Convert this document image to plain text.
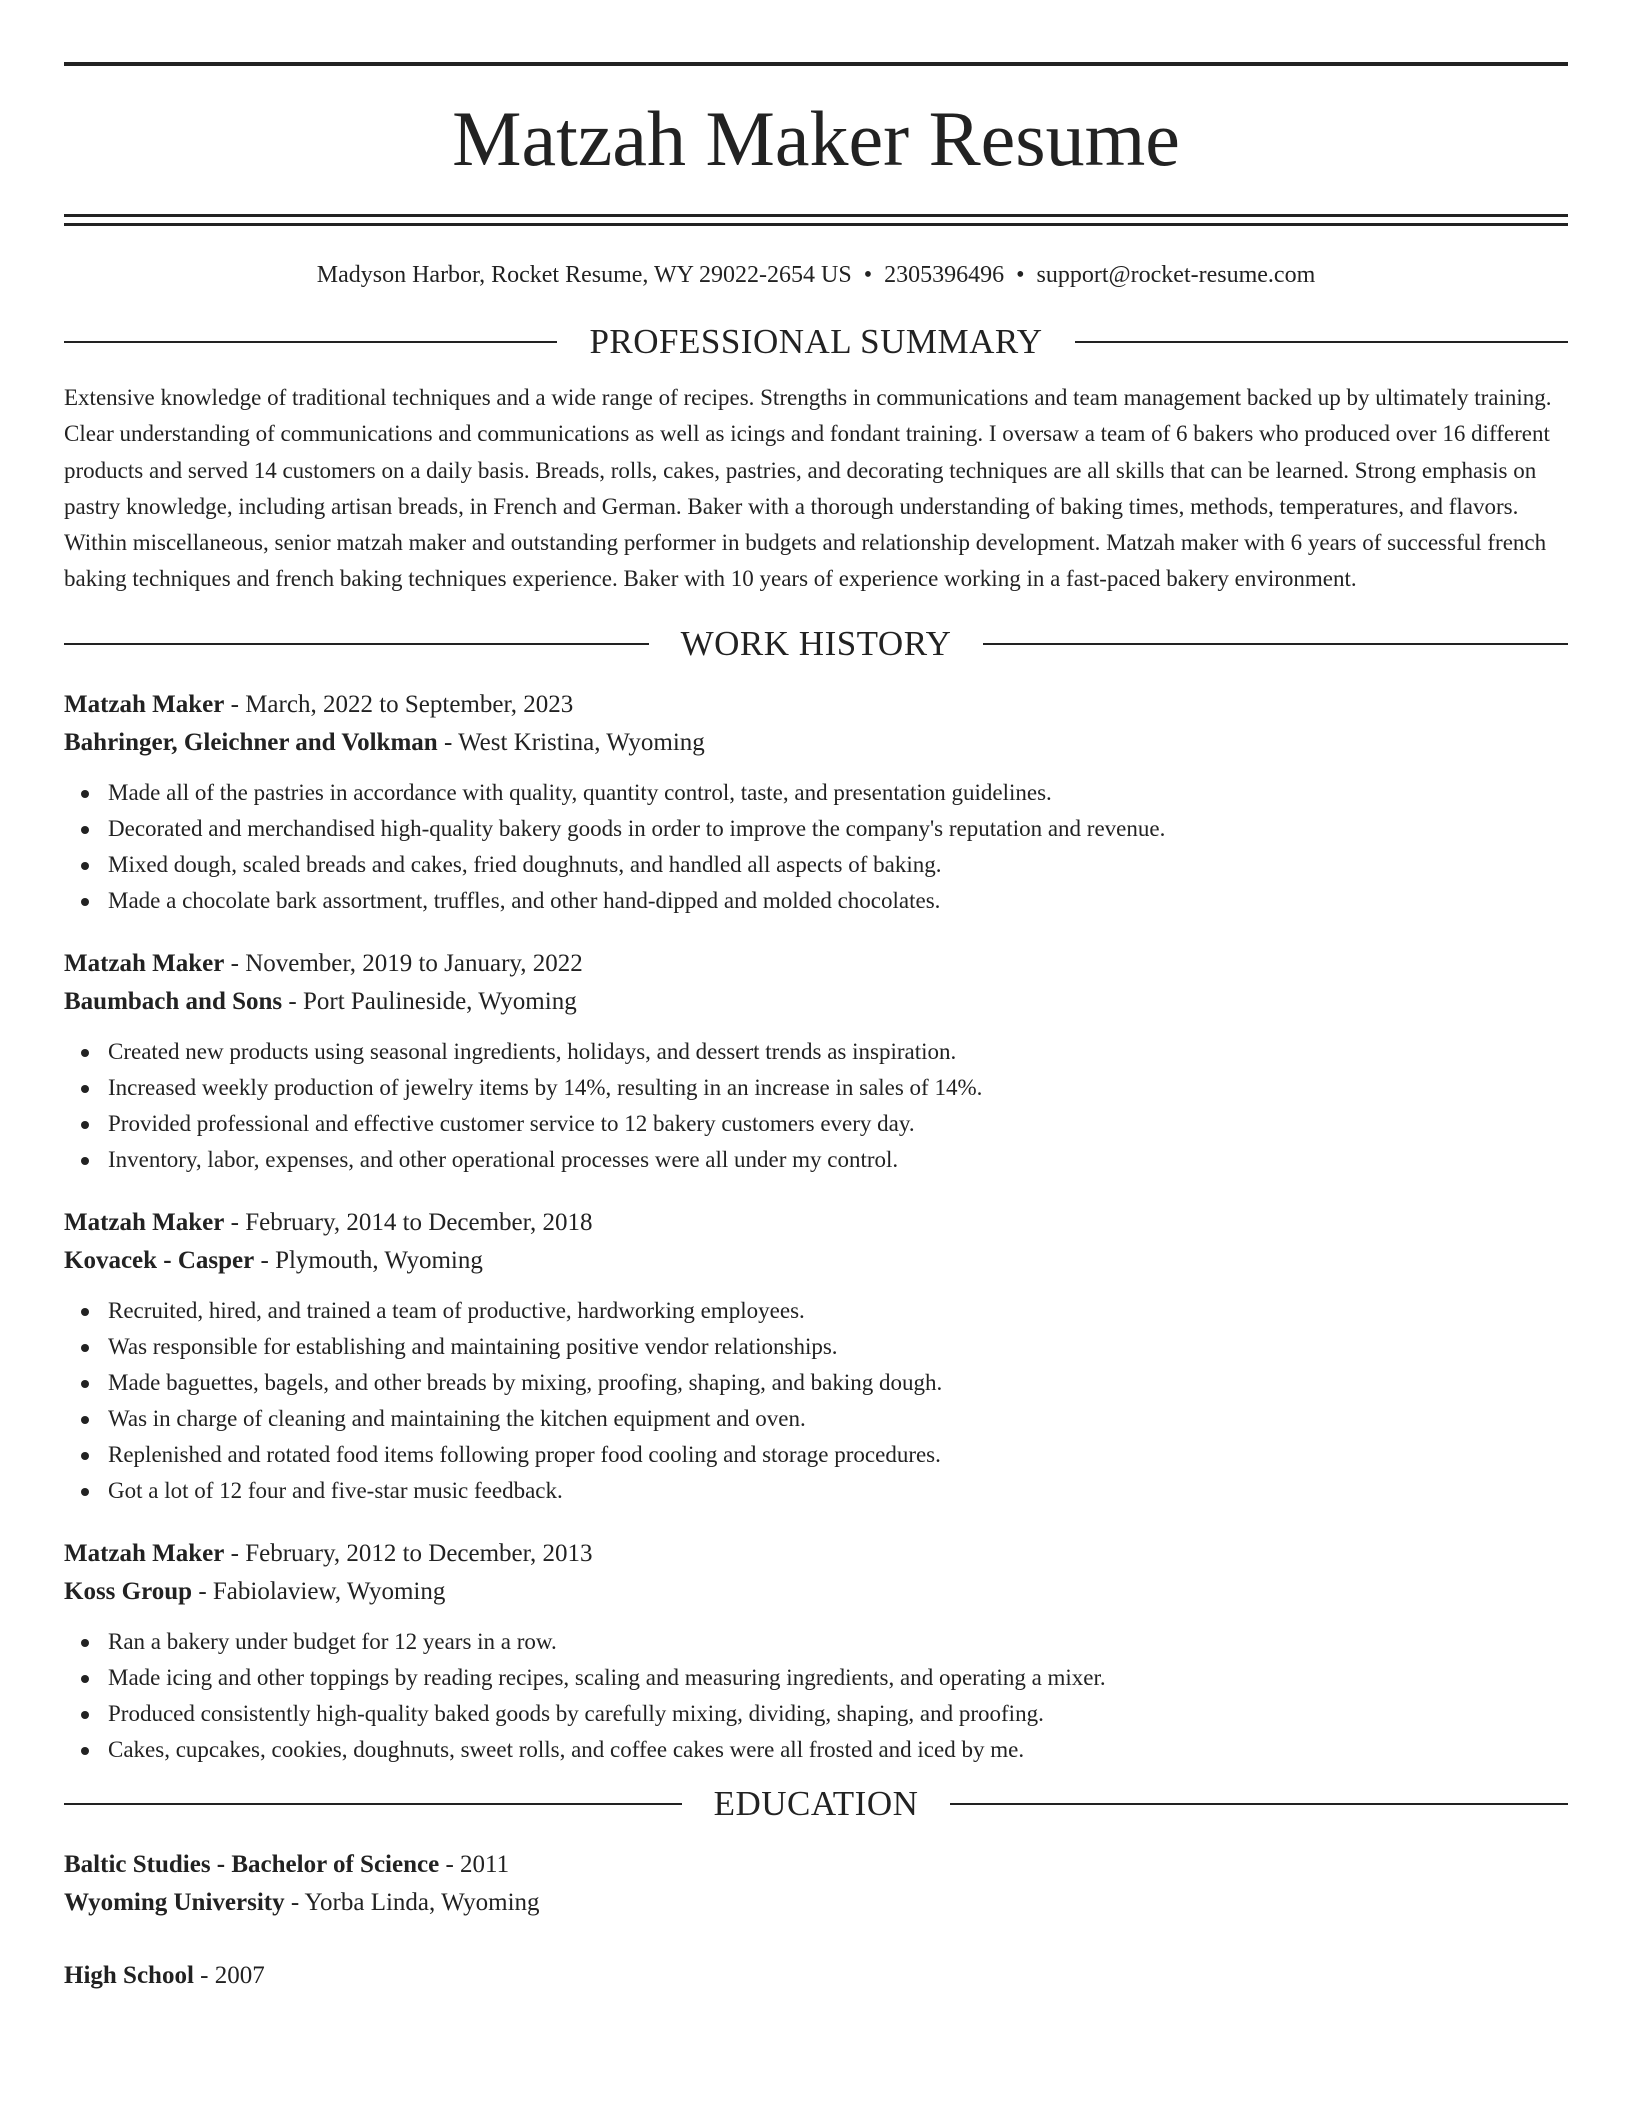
Matzah Maker Resume
Madyson Harbor, Rocket Resume, WY 29022-2654 US • 2305396496 • support@rocket-resume.com
PROFESSIONAL SUMMARY
Extensive knowledge of traditional techniques and a wide range of recipes. Strengths in communications and team management backed up by ultimately training. Clear understanding of communications and communications as well as icings and fondant training. I oversaw a team of 6 bakers who produced over 16 different products and served 14 customers on a daily basis. Breads, rolls, cakes, pastries, and decorating techniques are all skills that can be learned. Strong emphasis on pastry knowledge, including artisan breads, in French and German. Baker with a thorough understanding of baking times, methods, temperatures, and flavors. Within miscellaneous, senior matzah maker and outstanding performer in budgets and relationship development. Matzah maker with 6 years of successful french baking techniques and french baking techniques experience. Baker with 10 years of experience working in a fast-paced bakery environment.
WORK HISTORY
Matzah Maker - March, 2022 to September, 2023
Bahringer, Gleichner and Volkman - West Kristina, Wyoming
Made all of the pastries in accordance with quality, quantity control, taste, and presentation guidelines.
Decorated and merchandised high-quality bakery goods in order to improve the company's reputation and revenue.
Mixed dough, scaled breads and cakes, fried doughnuts, and handled all aspects of baking.
Made a chocolate bark assortment, truffles, and other hand-dipped and molded chocolates.
Matzah Maker - November, 2019 to January, 2022
Baumbach and Sons - Port Paulineside, Wyoming
Created new products using seasonal ingredients, holidays, and dessert trends as inspiration.
Increased weekly production of jewelry items by 14%, resulting in an increase in sales of 14%.
Provided professional and effective customer service to 12 bakery customers every day.
Inventory, labor, expenses, and other operational processes were all under my control.
Matzah Maker - February, 2014 to December, 2018
Kovacek - Casper - Plymouth, Wyoming
Recruited, hired, and trained a team of productive, hardworking employees.
Was responsible for establishing and maintaining positive vendor relationships.
Made baguettes, bagels, and other breads by mixing, proofing, shaping, and baking dough.
Was in charge of cleaning and maintaining the kitchen equipment and oven.
Replenished and rotated food items following proper food cooling and storage procedures.
Got a lot of 12 four and five-star music feedback.
Matzah Maker - February, 2012 to December, 2013
Koss Group - Fabiolaview, Wyoming
Ran a bakery under budget for 12 years in a row.
Made icing and other toppings by reading recipes, scaling and measuring ingredients, and operating a mixer.
Produced consistently high-quality baked goods by carefully mixing, dividing, shaping, and proofing.
Cakes, cupcakes, cookies, doughnuts, sweet rolls, and coffee cakes were all frosted and iced by me.
EDUCATION
Baltic Studies - Bachelor of Science - 2011
Wyoming University - Yorba Linda, Wyoming
High School - 2007
